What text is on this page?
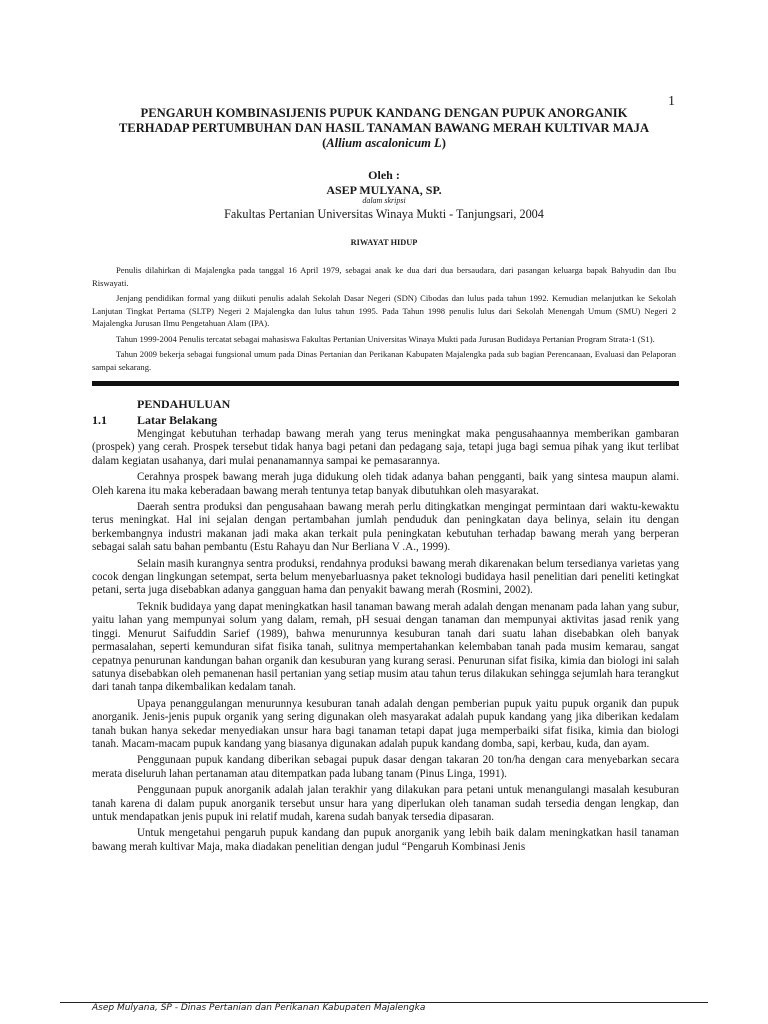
1
PENGARUH KOMBINASIJENIS PUPUK KANDANG DENGAN PUPUK ANORGANIK
TERHADAP PERTUMBUHAN DAN HASIL TANAMAN BAWANG MERAH KULTIVAR MAJA
(Allium ascalonicum L)
Oleh :
ASEP MULYANA, SP.
dalam skripsi
Fakultas Pertanian Universitas Winaya Mukti - Tanjungsari, 2004
RIWAYAT HIDUP

Penulis dilahirkan di Majalengka pada tanggal 16 April 1979, sebagai anak ke dua dari dua bersaudara, dari pasangan keluarga bapak Bahyudin dan Ibu Riswayati.

Jenjang pendidikan formal yang diikuti penulis adalah Sekolah Dasar Negeri (SDN) Cibodas dan lulus pada tahun 1992. Kemudian melanjutkan ke Sekolah Lanjutan Tingkat Pertama (SLTP) Negeri 2 Majalengka dan lulus tahun 1995. Pada Tahun 1998 penulis lulus dari Sekolah Menengah Umum (SMU) Negeri 2 Majalengka Jurusan Ilmu Pengetahuan Alam (IPA).

Tahun 1999-2004 Penulis tercatat sebagai mahasiswa Fakultas Pertanian Universitas Winaya Mukti pada Jurusan Budidaya Pertanian Program Strata-1 (S1).

Tahun 2009 bekerja sebagai fungsional umum pada Dinas Pertanian dan Perikanan Kabupaten Majalengka pada sub bagian Perencanaan, Evaluasi dan Pelaporan sampai sekarang.

PENDAHULUAN
1.1	Latar Belakang

Mengingat kebutuhan terhadap bawang merah yang terus meningkat maka pengusahaannya memberikan gambaran (prospek) yang cerah. Prospek tersebut tidak hanya bagi petani dan pedagang saja, tetapi juga bagi semua pihak yang ikut terlibat dalam kegiatan usahanya, dari mulai penanamannya sampai ke pemasarannya.

Cerahnya prospek bawang merah juga didukung oleh tidak adanya bahan pengganti, baik yang sintesa maupun alami. Oleh karena itu maka keberadaan bawang merah tentunya tetap banyak dibutuhkan oleh masyarakat.

Daerah sentra produksi dan pengusahaan bawang merah perlu ditingkatkan mengingat permintaan dari waktu-kewaktu terus meningkat. Hal ini sejalan dengan pertambahan jumlah penduduk dan peningkatan daya belinya, selain itu dengan berkembangnya industri makanan jadi maka akan terkait pula peningkatan kebutuhan terhadap bawang merah yang berperan sebagai salah satu bahan pembantu (Estu Rahayu dan Nur Berliana V .A., 1999).

Selain masih kurangnya sentra produksi, rendahnya produksi bawang merah dikarenakan belum tersedianya varietas yang cocok dengan lingkungan setempat, serta belum menyebarluasnya paket teknologi budidaya hasil penelitian dari peneliti ketingkat petani, serta juga disebabkan adanya gangguan hama dan penyakit bawang merah (Rosmini, 2002).

Teknik budidaya yang dapat meningkatkan hasil tanaman bawang merah adalah dengan menanam pada lahan yang subur, yaitu lahan yang mempunyai solum yang dalam, remah, pH sesuai dengan tanaman dan mempunyai aktivitas jasad renik yang tinggi. Menurut Saifuddin Sarief (1989), bahwa menurunnya kesuburan tanah dari suatu lahan disebabkan oleh banyak permasalahan, seperti kemunduran sifat fisika tanah, sulitnya mempertahankan kelembaban tanah pada musim kemarau, sangat cepatnya penurunan kandungan bahan organik dan kesuburan yang kurang serasi. Penurunan sifat fisika, kimia dan biologi ini salah satunya disebabkan oleh pemanenan hasil pertanian yang setiap musim atau tahun terus dilakukan sehingga sejumlah hara terangkut dari tanah tanpa dikembalikan kedalam tanah.

Upaya penanggulangan menurunnya kesuburan tanah adalah dengan pemberian pupuk yaitu pupuk organik dan pupuk anorganik. Jenis-jenis pupuk organik yang sering digunakan oleh masyarakat adalah pupuk kandang yang jika diberikan kedalam tanah bukan hanya sekedar menyediakan unsur hara bagi tanaman tetapi dapat juga memperbaiki sifat fisika, kimia dan biologi tanah. Macam-macam pupuk kandang yang biasanya digunakan adalah pupuk kandang domba, sapi, kerbau, kuda, dan ayam.

Penggunaan pupuk kandang diberikan sebagai pupuk dasar dengan takaran 20 ton/ha dengan cara menyebarkan secara merata diseluruh lahan pertanaman atau ditempatkan pada lubang tanam (Pinus Linga, 1991).

Penggunaan pupuk anorganik adalah jalan terakhir yang dilakukan para petani untuk menangulangi masalah kesuburan tanah karena di dalam pupuk anorganik tersebut unsur hara yang diperlukan oleh tanaman sudah tersedia dengan lengkap, dan untuk mendapatkan jenis pupuk ini relatif mudah, karena sudah banyak tersedia dipasaran.

Untuk mengetahui pengaruh pupuk kandang dan pupuk anorganik yang lebih baik dalam meningkatkan hasil tanaman bawang merah kultivar Maja, maka diadakan penelitian dengan judul “Pengaruh Kombinasi Jenis

Asep Mulyana, SP - Dinas Pertanian dan Perikanan Kabupaten Majalengka
